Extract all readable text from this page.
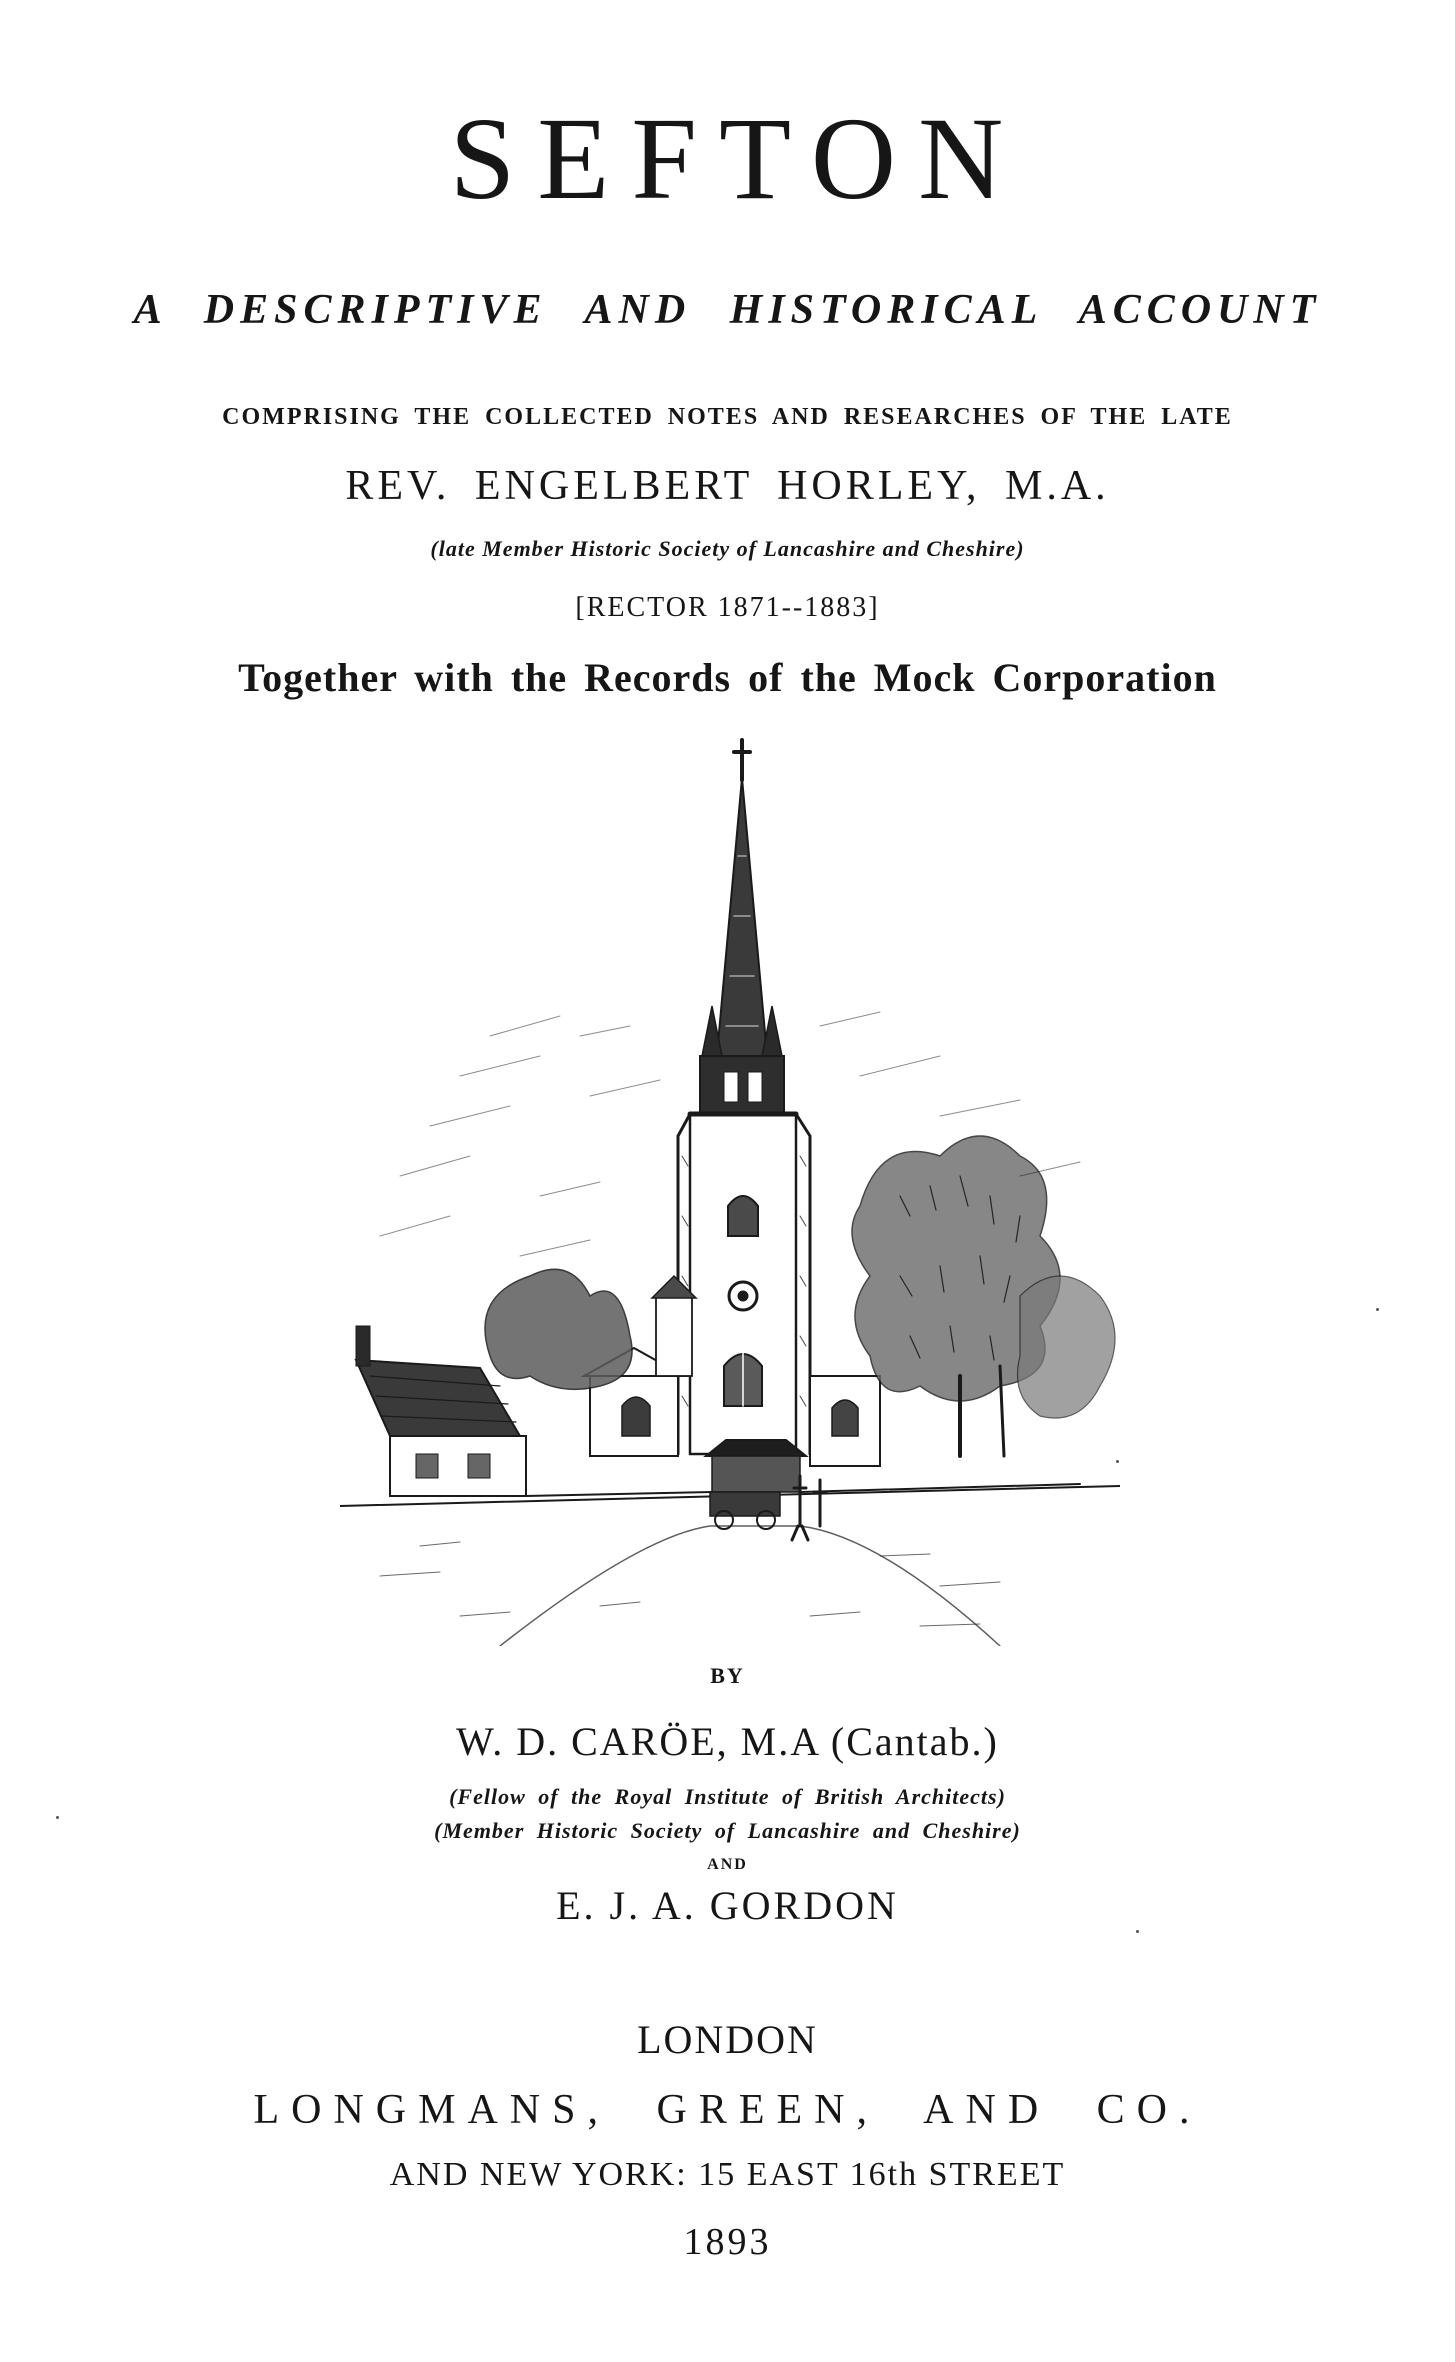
SEFTON
A DESCRIPTIVE AND HISTORICAL ACCOUNT
COMPRISING THE COLLECTED NOTES AND RESEARCHES OF THE LATE
REV. ENGELBERT HORLEY, M.A.
(late Member Historic Society of Lancashire and Cheshire)
[RECTOR 1871--1883]
Together with the Records of the Mock Corporation
BY
W. D. CARÖE, M.A (Cantab.)
(Fellow of the Royal Institute of British Architects)
(Member Historic Society of Lancashire and Cheshire)
AND
E. J. A. GORDON
LONDON
LONGMANS, GREEN, AND CO.
AND NEW YORK: 15 EAST 16th STREET
1893
